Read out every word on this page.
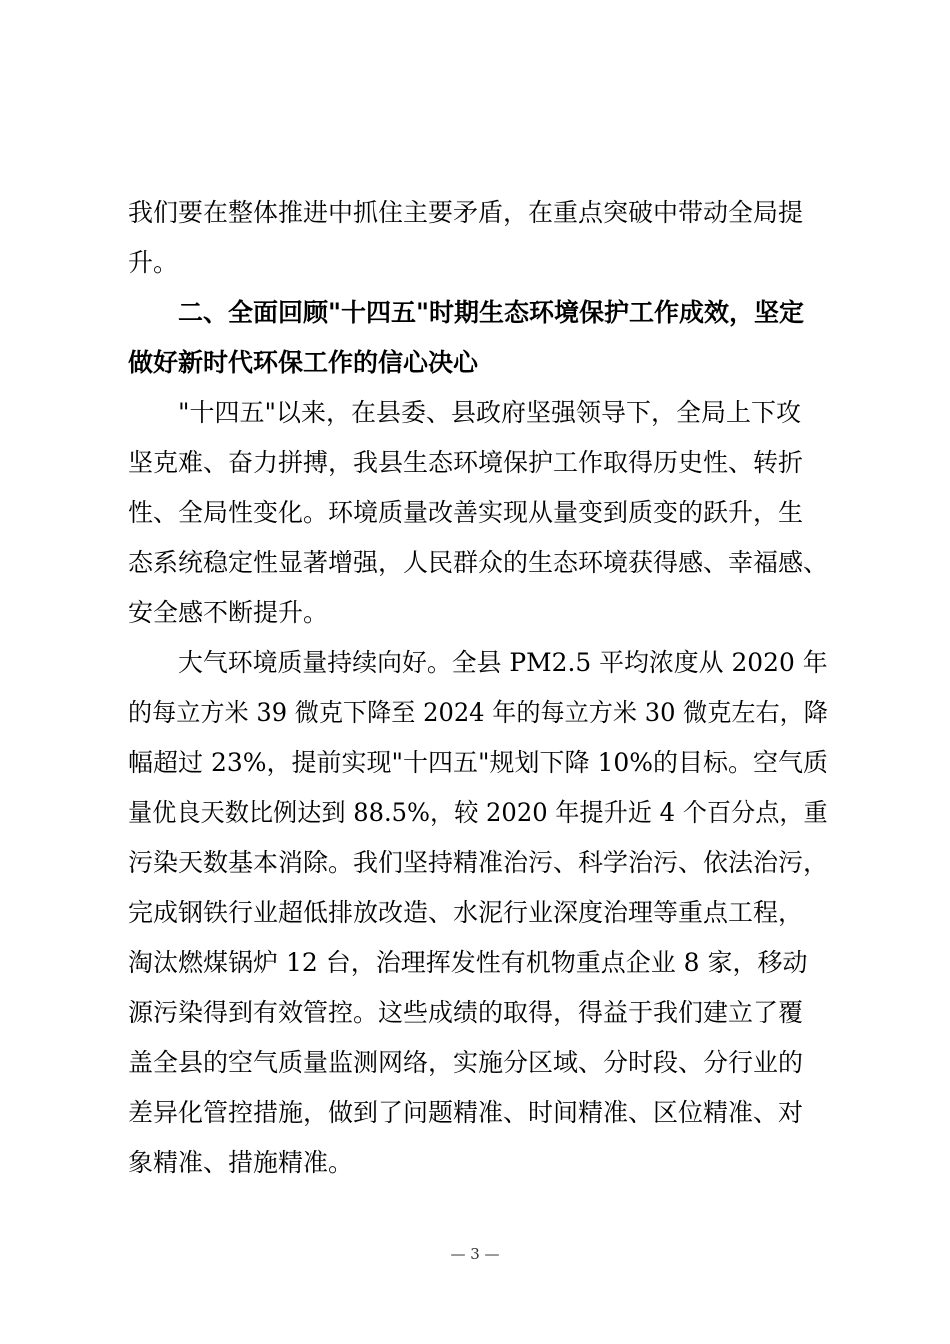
我们要在整体推进中抓住主要矛盾，在重点突破中带动全局提
升。
二、全面回顾"十四五"时期生态环境保护工作成效，坚定
做好新时代环保工作的信心决心
"十四五"以来，在县委、县政府坚强领导下，全局上下攻
坚克难、奋力拼搏，我县生态环境保护工作取得历史性、转折
性、全局性变化。环境质量改善实现从量变到质变的跃升，生
态系统稳定性显著增强，人民群众的生态环境获得感、幸福感、
安全感不断提升。
大气环境质量持续向好。全县 PM2.5 平均浓度从 2020 年
的每立方米 39 微克下降至 2024 年的每立方米 30 微克左右，降
幅超过 23%，提前实现"十四五"规划下降 10%的目标。空气质
量优良天数比例达到 88.5%，较 2020 年提升近 4 个百分点，重
污染天数基本消除。我们坚持精准治污、科学治污、依法治污，
完成钢铁行业超低排放改造、水泥行业深度治理等重点工程，
淘汰燃煤锅炉 12 台，治理挥发性有机物重点企业 8 家，移动
源污染得到有效管控。这些成绩的取得，得益于我们建立了覆
盖全县的空气质量监测网络，实施分区域、分时段、分行业的
差异化管控措施，做到了问题精准、时间精准、区位精准、对
象精准、措施精准。
— 3 —
